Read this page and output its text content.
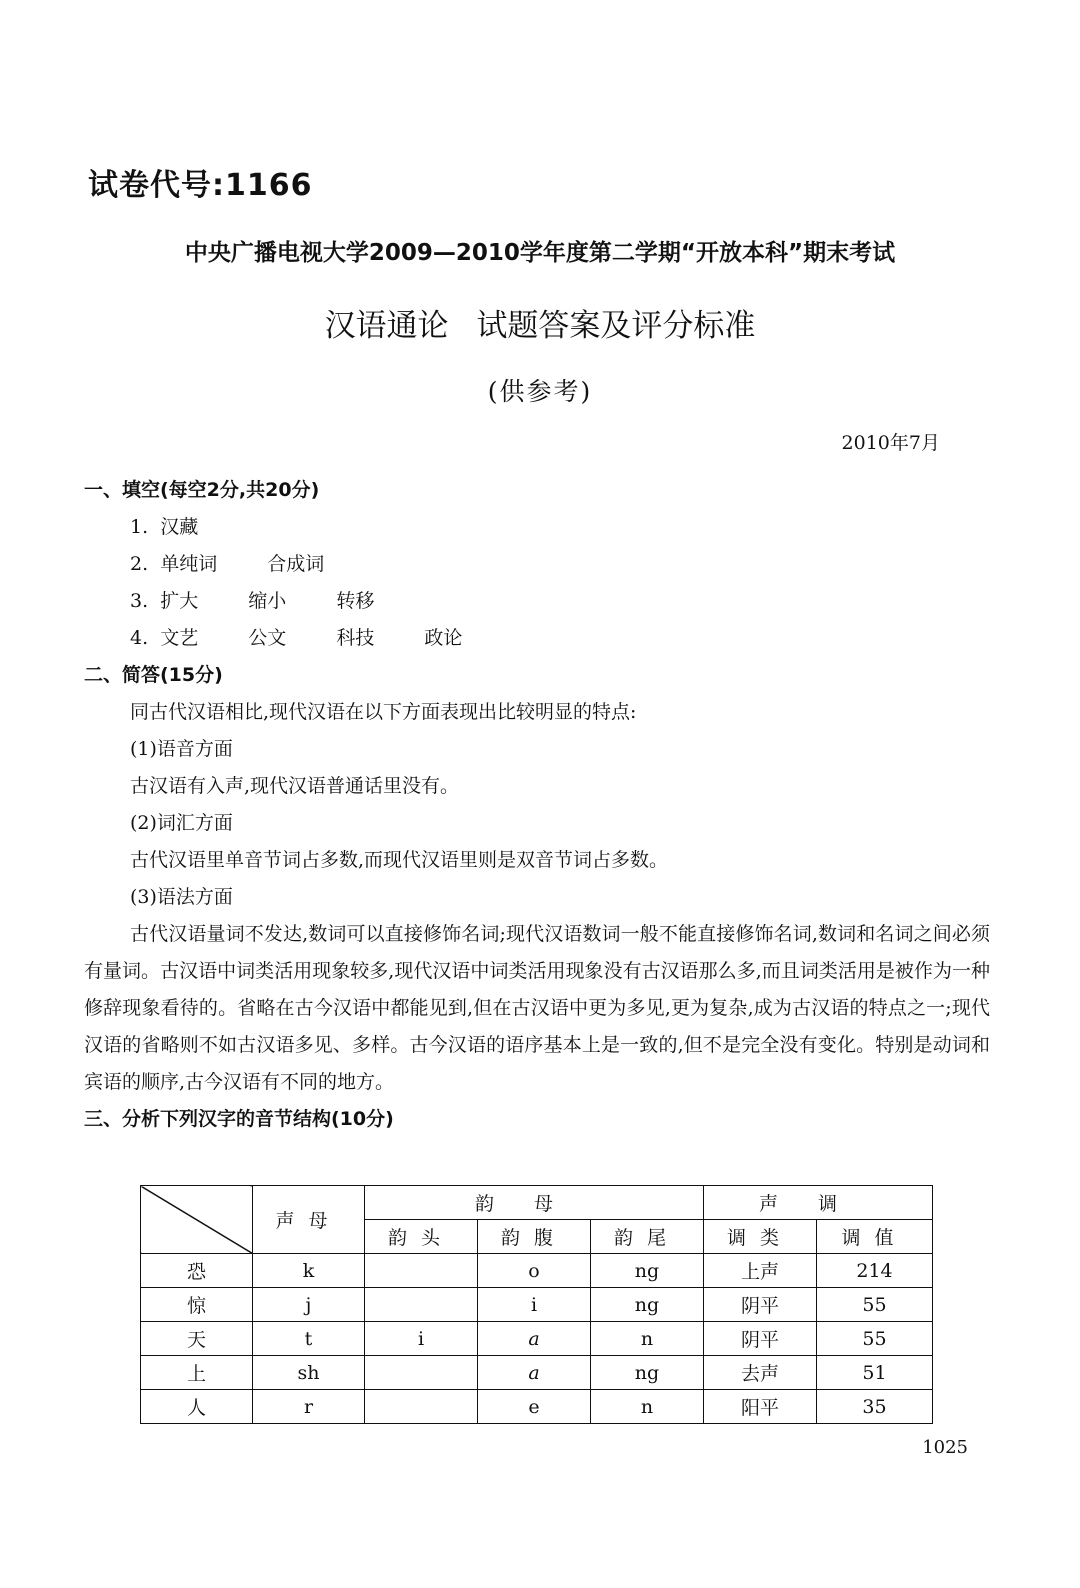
试卷代号:1166
中央广播电视大学2009—2010学年度第二学期“开放本科”期末考试
汉语通论 试题答案及评分标准
(供参考)
2010年7月
一、填空(每空2分,共20分)
1. 汉藏
2. 单纯词	合成词
3. 扩大	缩小	转移
4. 文艺	公文	科技	政论
二、简答(15分)
同古代汉语相比,现代汉语在以下方面表现出比较明显的特点:
(1)语音方面
古汉语有入声,现代汉语普通话里没有。
(2)词汇方面
古代汉语里单音节词占多数,而现代汉语里则是双音节词占多数。
(3)语法方面

古代汉语量词不发达,数词可以直接修饰名词;现代汉语数词一般不能直接修饰名词,数词和名词之间必须有量词。古汉语中词类活用现象较多,现代汉语中词类活用现象没有古汉语那么多,而且词类活用是被作为一种修辞现象看待的。省略在古今汉语中都能见到,但在古汉语中更为多见,更为复杂,成为古汉语的特点之一;现代汉语的省略则不如古汉语多见、多样。古今汉语的语序基本上是一致的,但不是完全没有变化。特别是动词和宾语的顺序,古今汉语有不同的地方。

三、分析下列汉字的音节结构(10分)
	声母	韵母			声调	
		韵头	韵腹	韵尾	调类	调值
恐	k		o	ng	上声	214
惊	j		i	ng	阴平	55
天	t	i	a	n	阴平	55
上	sh		a	ng	去声	51
人	r		e	n	阳平	35
1025
